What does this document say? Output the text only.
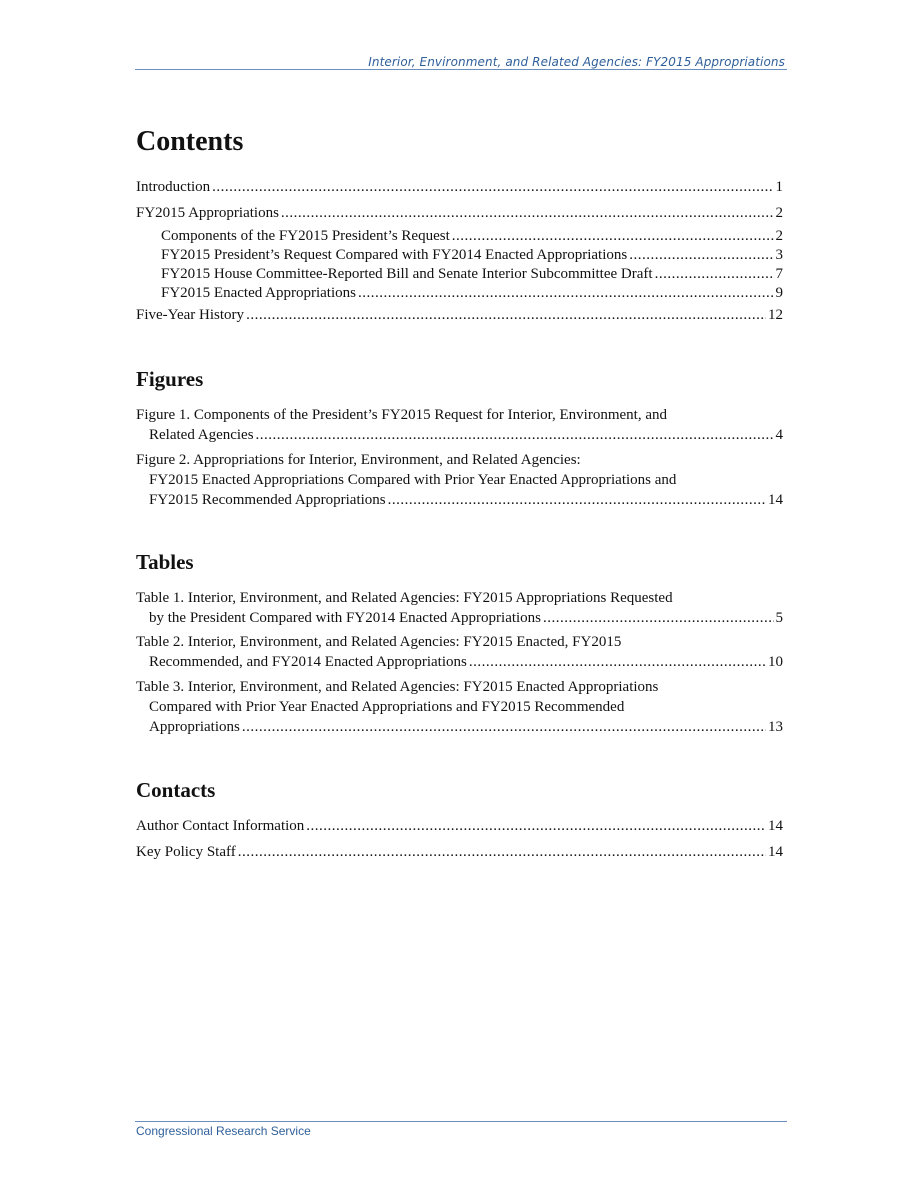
Interior, Environment, and Related Agencies: FY2015 Appropriations
Contents
Introduction .....	1
FY2015 Appropriations .....	2
Components of the FY2015 President’s Request .....	2
FY2015 President’s Request Compared with FY2014 Enacted Appropriations .....	3
FY2015 House Committee-Reported Bill and Senate Interior Subcommittee Draft .....	7
FY2015 Enacted Appropriations .....	9
Five-Year History .....	12
Figures
Figure 1. Components of the President’s FY2015 Request for Interior, Environment, and
Related Agencies .....	4
Figure 2. Appropriations for Interior, Environment, and Related Agencies:
FY2015 Enacted Appropriations Compared with Prior Year Enacted Appropriations and
FY2015 Recommended Appropriations .....	14
Tables
Table 1. Interior, Environment, and Related Agencies: FY2015 Appropriations Requested
by the President Compared with FY2014 Enacted Appropriations .....	5
Table 2. Interior, Environment, and Related Agencies: FY2015 Enacted, FY2015
Recommended, and FY2014 Enacted Appropriations .....	10
Table 3. Interior, Environment, and Related Agencies: FY2015 Enacted Appropriations
Compared with Prior Year Enacted Appropriations and FY2015 Recommended
Appropriations .....	13
Contacts
Author Contact Information .....	14
Key Policy Staff .....	14
Congressional Research Service
